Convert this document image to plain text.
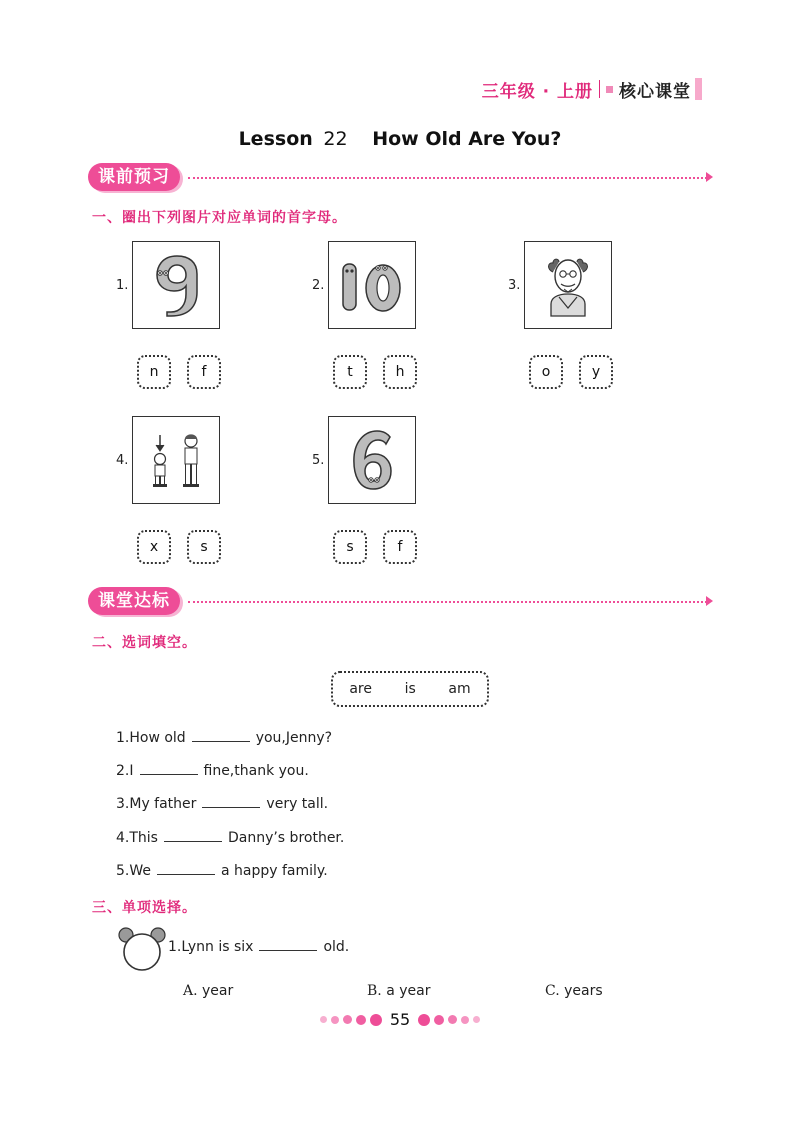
三年级 · 上册 核心课堂
Lesson 22 How Old Are You?
课前预习
一、圈出下列图片对应单词的首字母。
1.
n	f
2.
t	h
3.
o	y
4.
x	s
5.
s	f
课堂达标
二、选词填空。
are is am
1.How old	you,Jenny?
2.I	fine,thank you.
3.My father	very tall.
4.This	Danny’s brother.
5.We	a happy family.
三、单项选择。
1.Lynn is six	old.
A. year	B. a year	C. years
55
